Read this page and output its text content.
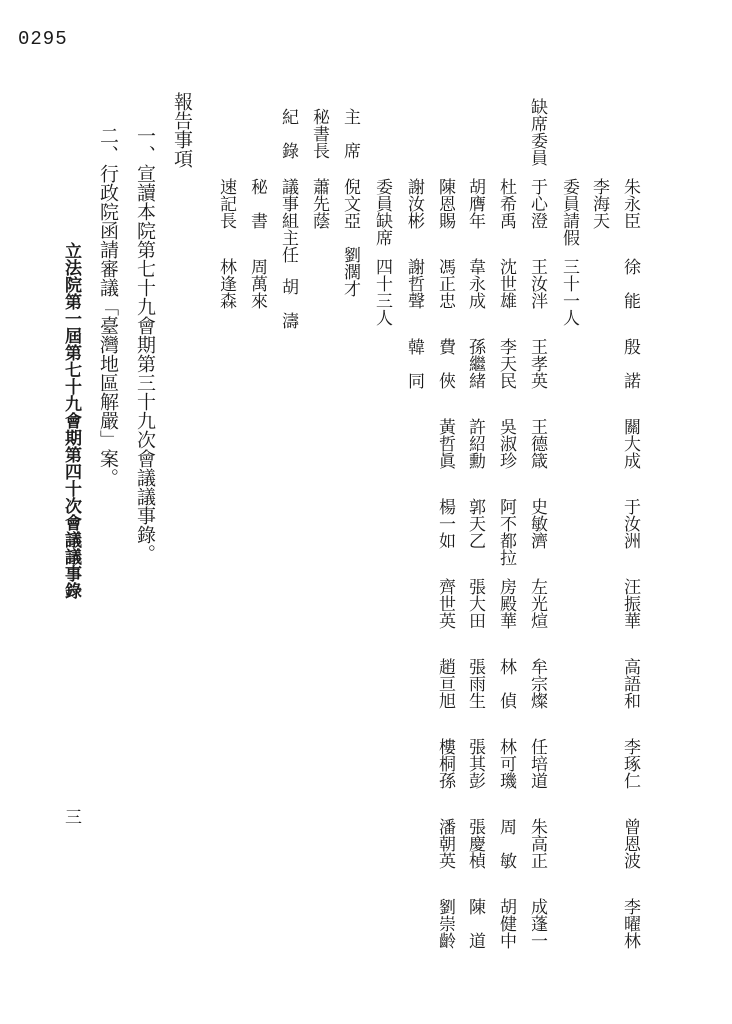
0295
朱永臣
徐　能
殷　諾
關大成
于汝洲
汪振華
高語和
李琢仁
曾恩波
李曜林
李海天
委員請假
三十一人
缺席委員
于心澄
王汝泮
王孝英
王德箴
史敏濟
左光煊
牟宗燦
任培道
朱高正
成蓬一
杜希禹
沈世雄
李天民
吳淑珍
阿不都拉
房殿華
林　偵
林可璣
周　敏
胡健中
胡膺年
韋永成
孫繼緒
許紹勳
郭天乙
張大田
張雨生
張其彭
張慶楨
陳　道
陳恩賜
馮正忠
費　俠
黃哲眞
楊一如
齊世英
趙亘旭
樓桐孫
潘朝英
劉崇齡
謝汝彬
謝哲聲
韓　同
委員缺席
四十三人
主　席
倪文亞　劉濶才
秘書長
蕭先蔭
紀　錄
議事組主任
胡　濤
秘　書
周萬來
速記長
林逢森
報告事項
一、宣讀本院第七十九會期第三十九次會議議事錄。
二、行政院函請審議「臺灣地區解嚴」案。
立法院第一屆第七十九會期第四十次會議議事錄
三
